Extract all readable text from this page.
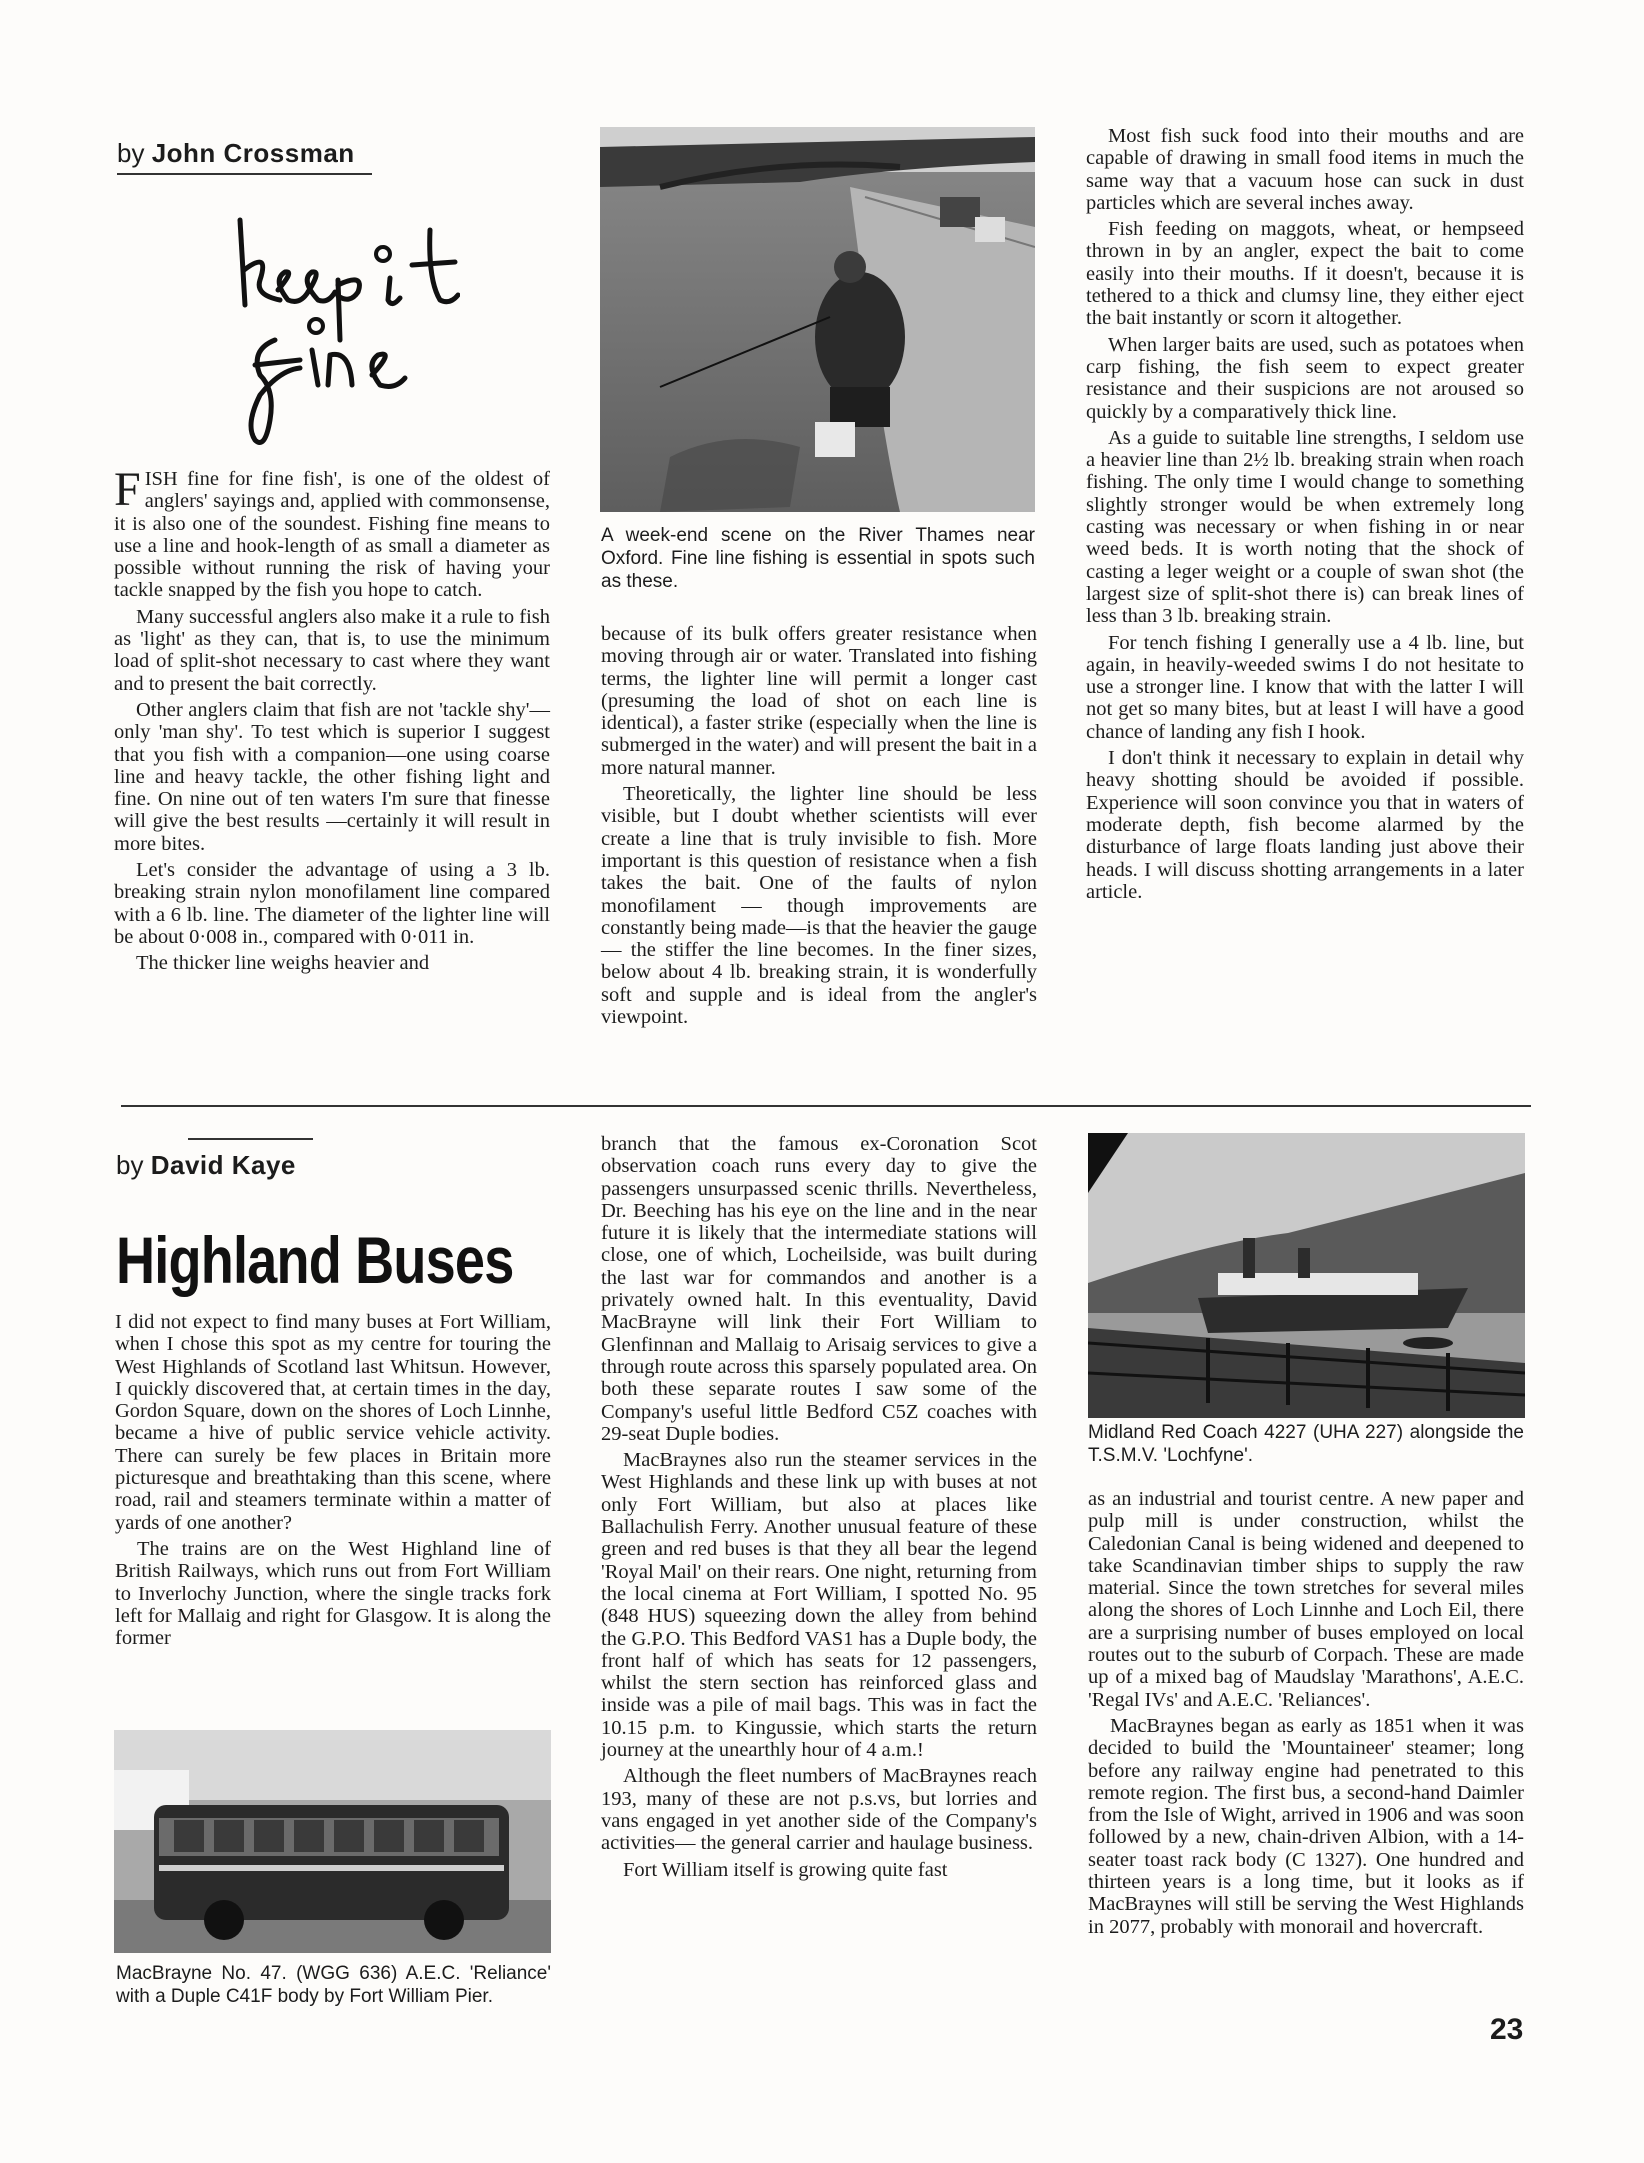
by John Crossman

FISH fine for fine fish', is one of the oldest of anglers' sayings and, applied with commonsense, it is also one of the soundest. Fishing fine means to use a line and hook-length of as small a diameter as possible without running the risk of having your tackle snapped by the fish you hope to catch.

Many successful anglers also make it a rule to fish as 'light' as they can, that is, to use the minimum load of split-shot necessary to cast where they want and to present the bait correctly.

Other anglers claim that fish are not 'tackle shy'—only 'man shy'. To test which is superior I suggest that you fish with a companion—one using coarse line and heavy tackle, the other fishing light and fine. On nine out of ten waters I'm sure that finesse will give the best results —certainly it will result in more bites.

Let's consider the advantage of using a 3 lb. breaking strain nylon monofilament line compared with a 6 lb. line. The diameter of the lighter line will be about 0·008 in., compared with 0·011 in.

The thicker line weighs heavier and

A week-end scene on the River Thames near Oxford. Fine line fishing is essential in spots such as these.

because of its bulk offers greater resistance when moving through air or water. Translated into fishing terms, the lighter line will permit a longer cast (presuming the load of shot on each line is identical), a faster strike (especially when the line is submerged in the water) and will present the bait in a more natural manner.

Theoretically, the lighter line should be less visible, but I doubt whether scientists will ever create a line that is truly invisible to fish. More important is this question of resistance when a fish takes the bait. One of the faults of nylon monofilament — though improvements are constantly being made—is that the heavier the gauge — the stiffer the line becomes. In the finer sizes, below about 4 lb. breaking strain, it is wonderfully soft and supple and is ideal from the angler's viewpoint.

Most fish suck food into their mouths and are capable of drawing in small food items in much the same way that a vacuum hose can suck in dust particles which are several inches away.

Fish feeding on maggots, wheat, or hempseed thrown in by an angler, expect the bait to come easily into their mouths. If it doesn't, because it is tethered to a thick and clumsy line, they either eject the bait instantly or scorn it altogether.

When larger baits are used, such as potatoes when carp fishing, the fish seem to expect greater resistance and their suspicions are not aroused so quickly by a comparatively thick line.

As a guide to suitable line strengths, I seldom use a heavier line than 2½ lb. breaking strain when roach fishing. The only time I would change to something slightly stronger would be when extremely long casting was necessary or when fishing in or near weed beds. It is worth noting that the shock of casting a leger weight or a couple of swan shot (the largest size of split-shot there is) can break lines of less than 3 lb. breaking strain.

For tench fishing I generally use a 4 lb. line, but again, in heavily-weeded swims I do not hesitate to use a stronger line. I know that with the latter I will not get so many bites, but at least I will have a good chance of landing any fish I hook.

I don't think it necessary to explain in detail why heavy shotting should be avoided if possible. Experience will soon convince you that in waters of moderate depth, fish become alarmed by the disturbance of large floats landing just above their heads. I will discuss shotting arrangements in a later article.

by David Kaye
Highland Buses

I did not expect to find many buses at Fort William, when I chose this spot as my centre for touring the West Highlands of Scotland last Whitsun. However, I quickly discovered that, at certain times in the day, Gordon Square, down on the shores of Loch Linnhe, became a hive of public service vehicle activity. There can surely be few places in Britain more picturesque and breathtaking than this scene, where road, rail and steamers terminate within a matter of yards of one another?

The trains are on the West Highland line of British Railways, which runs out from Fort William to Inverlochy Junction, where the single tracks fork left for Mallaig and right for Glasgow. It is along the former

MacBrayne No. 47. (WGG 636) A.E.C. 'Reliance' with a Duple C41F body by Fort William Pier.

branch that the famous ex-Coronation Scot observation coach runs every day to give the passengers unsurpassed scenic thrills. Nevertheless, Dr. Beeching has his eye on the line and in the near future it is likely that the intermediate stations will close, one of which, Locheilside, was built during the last war for commandos and another is a privately owned halt. In this eventuality, David MacBrayne will link their Fort William to Glenfinnan and Mallaig to Arisaig services to give a through route across this sparsely populated area. On both these separate routes I saw some of the Company's useful little Bedford C5Z coaches with 29-seat Duple bodies.

MacBraynes also run the steamer services in the West Highlands and these link up with buses at not only Fort William, but also at places like Ballachulish Ferry. Another unusual feature of these green and red buses is that they all bear the legend 'Royal Mail' on their rears. One night, returning from the local cinema at Fort William, I spotted No. 95 (848 HUS) squeezing down the alley from behind the G.P.O. This Bedford VAS1 has a Duple body, the front half of which has seats for 12 passengers, whilst the stern section has reinforced glass and inside was a pile of mail bags. This was in fact the 10.15 p.m. to Kingussie, which starts the return journey at the unearthly hour of 4 a.m.!

Although the fleet numbers of MacBraynes reach 193, many of these are not p.s.vs, but lorries and vans engaged in yet another side of the Company's activities— the general carrier and haulage business.

Fort William itself is growing quite fast

Midland Red Coach 4227 (UHA 227) alongside the T.S.M.V. 'Lochfyne'.

as an industrial and tourist centre. A new paper and pulp mill is under construction, whilst the Caledonian Canal is being widened and deepened to take Scandinavian timber ships to supply the raw material. Since the town stretches for several miles along the shores of Loch Linnhe and Loch Eil, there are a surprising number of buses employed on local routes out to the suburb of Corpach. These are made up of a mixed bag of Maudslay 'Marathons', A.E.C. 'Regal IVs' and A.E.C. 'Reliances'.

MacBraynes began as early as 1851 when it was decided to build the 'Mountaineer' steamer; long before any railway engine had penetrated to this remote region. The first bus, a second-hand Daimler from the Isle of Wight, arrived in 1906 and was soon followed by a new, chain-driven Albion, with a 14-seater toast rack body (C 1327). One hundred and thirteen years is a long time, but it looks as if MacBraynes will still be serving the West Highlands in 2077, probably with monorail and hovercraft.

23
